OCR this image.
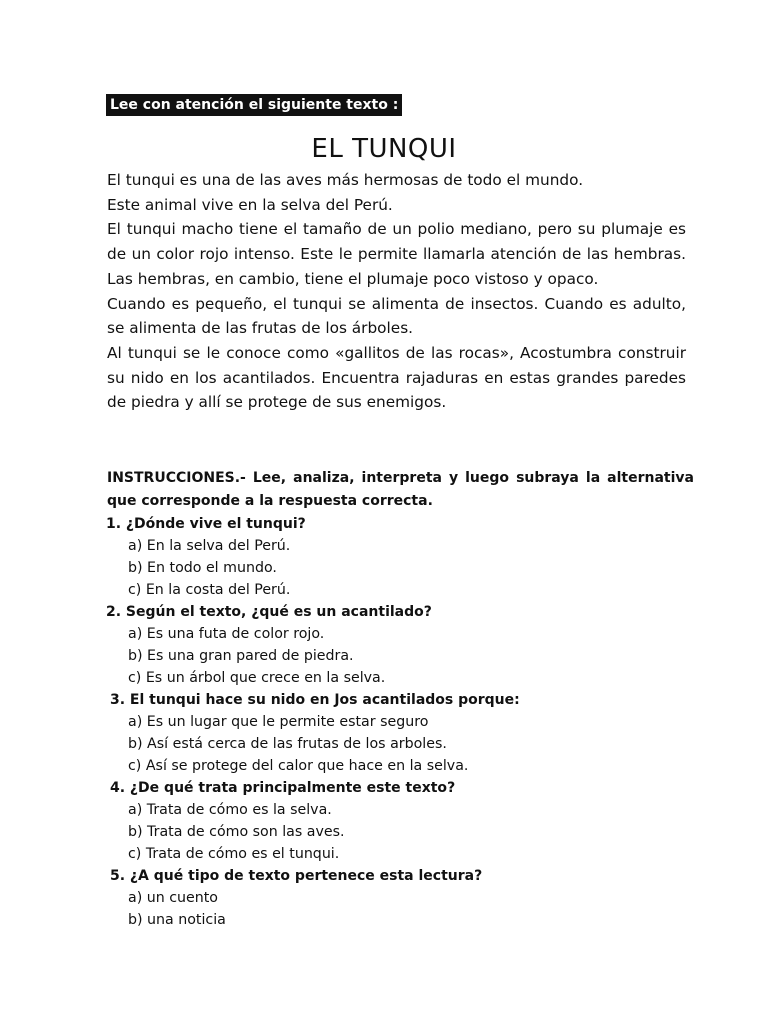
Lee con atención el siguiente texto :
EL TUNQUI

El tunqui es una de las aves más hermosas de todo el mundo.

Este animal vive en la selva del Perú.

El tunqui macho tiene el tamaño de un polio mediano, pero su plumaje es de un color rojo intenso. Este le permite llamarla atención de las hembras. Las hembras, en cambio, tiene el plumaje poco vistoso y opaco.

Cuando es pequeño, el tunqui se alimenta de insectos. Cuando es adulto, se alimenta de las frutas de los árboles.

Al tunqui se le conoce como «gallitos de las rocas», Acostumbra construir su nido en los acantilados. Encuentra rajaduras en estas grandes paredes de piedra y allí se protege de sus enemigos.

INSTRUCCIONES.- Lee, analiza, interpreta y luego subraya la alternativa que corresponde a la respuesta correcta.
1. ¿Dónde vive el tunqui?
a) En la selva del Perú.
b) En todo el mundo.
c) En la costa del Perú.
2. Según el texto, ¿qué es un acantilado?
a) Es una futa de color rojo.
b) Es una gran pared de piedra.
c) Es un árbol que crece en la selva.
3. El tunqui hace su nido en Jos acantilados porque:
a) Es un lugar que le permite estar seguro
b) Así está cerca de las frutas de los arboles.
c) Así se protege del calor que hace en la selva.
4. ¿De qué trata principalmente este texto?
a) Trata de cómo es la selva.
b) Trata de cómo son las aves.
c) Trata de cómo es el tunqui.
5. ¿A qué tipo de texto pertenece esta lectura?
a) un cuento
b) una noticia
